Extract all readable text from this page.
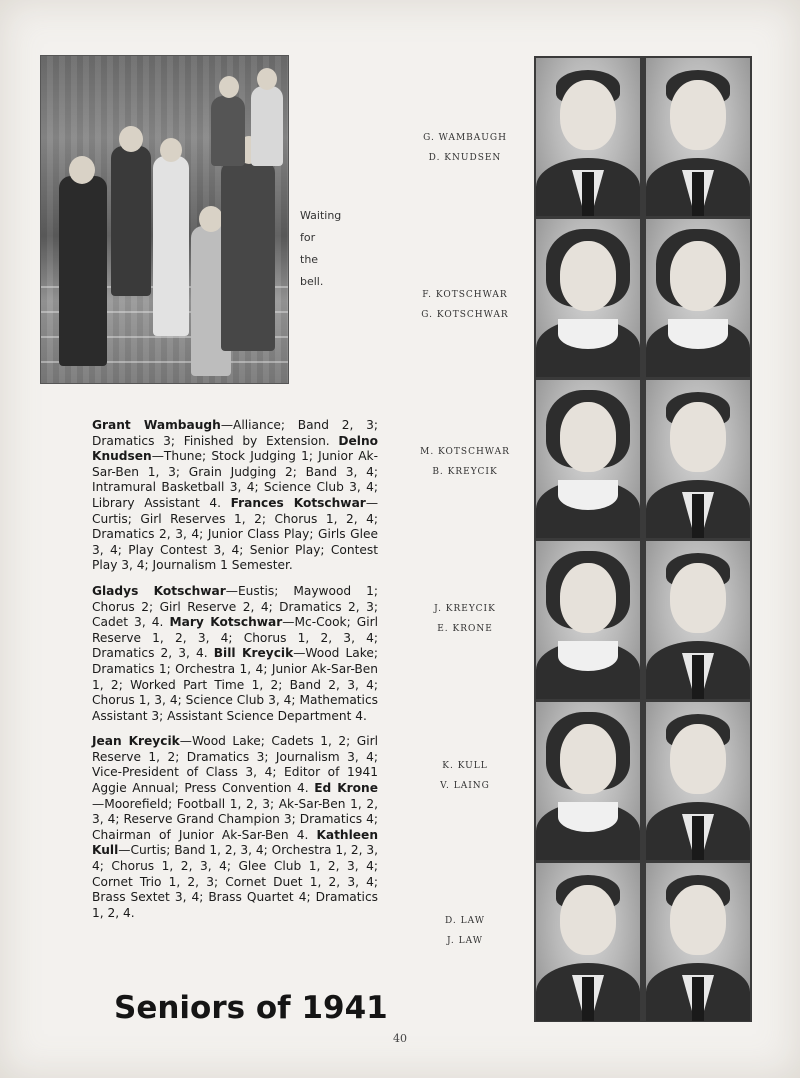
Waiting
for
the
bell.
G. WAMBAUGH
D. KNUDSEN
F. KOTSCHWAR
G. KOTSCHWAR
M. KOTSCHWAR
B. KREYCIK
J. KREYCIK
E. KRONE
K. KULL
V. LAING
D. LAW
J. LAW

Grant Wambaugh—Alliance; Band 2, 3; Dramatics 3; Finished by Extension. Delno Knudsen—Thune; Stock Judging 1; Junior Ak-Sar-Ben 1, 3; Grain Judging 2; Band 3, 4; Intramural Basketball 3, 4; Science Club 3, 4; Library Assistant 4. Frances Kotschwar—Curtis; Girl Reserves 1, 2; Chorus 1, 2, 4; Dramatics 2, 3, 4; Junior Class Play; Girls Glee 3, 4; Play Contest 3, 4; Senior Play; Contest Play 3, 4; Journalism 1 Semester.

Gladys Kotschwar—Eustis; Maywood 1; Chorus 2; Girl Reserve 2, 4; Dramatics 2, 3; Cadet 3, 4. Mary Kotschwar—Mc-Cook; Girl Reserve 1, 2, 3, 4; Chorus 1, 2, 3, 4; Dramatics 2, 3, 4. Bill Kreycik—Wood Lake; Dramatics 1; Orchestra 1, 4; Junior Ak-Sar-Ben 1, 2; Worked Part Time 1, 2; Band 2, 3, 4; Chorus 1, 3, 4; Science Club 3, 4; Mathematics Assistant 3; Assistant Science Department 4.

Jean Kreycik—Wood Lake; Cadets 1, 2; Girl Reserve 1, 2; Dramatics 3; Journalism 3, 4; Vice-President of Class 3, 4; Editor of 1941 Aggie Annual; Press Convention 4. Ed Krone—Moorefield; Football 1, 2, 3; Ak-Sar-Ben 1, 2, 3, 4; Reserve Grand Champion 3; Dramatics 4; Chairman of Junior Ak-Sar-Ben 4. Kathleen Kull—Curtis; Band 1, 2, 3, 4; Orchestra 1, 2, 3, 4; Chorus 1, 2, 3, 4; Glee Club 1, 2, 3, 4; Cornet Trio 1, 2, 3; Cornet Duet 1, 2, 3, 4; Brass Sextet 3, 4; Brass Quartet 4; Dramatics 1, 2, 4.

Seniors of 1941
40
